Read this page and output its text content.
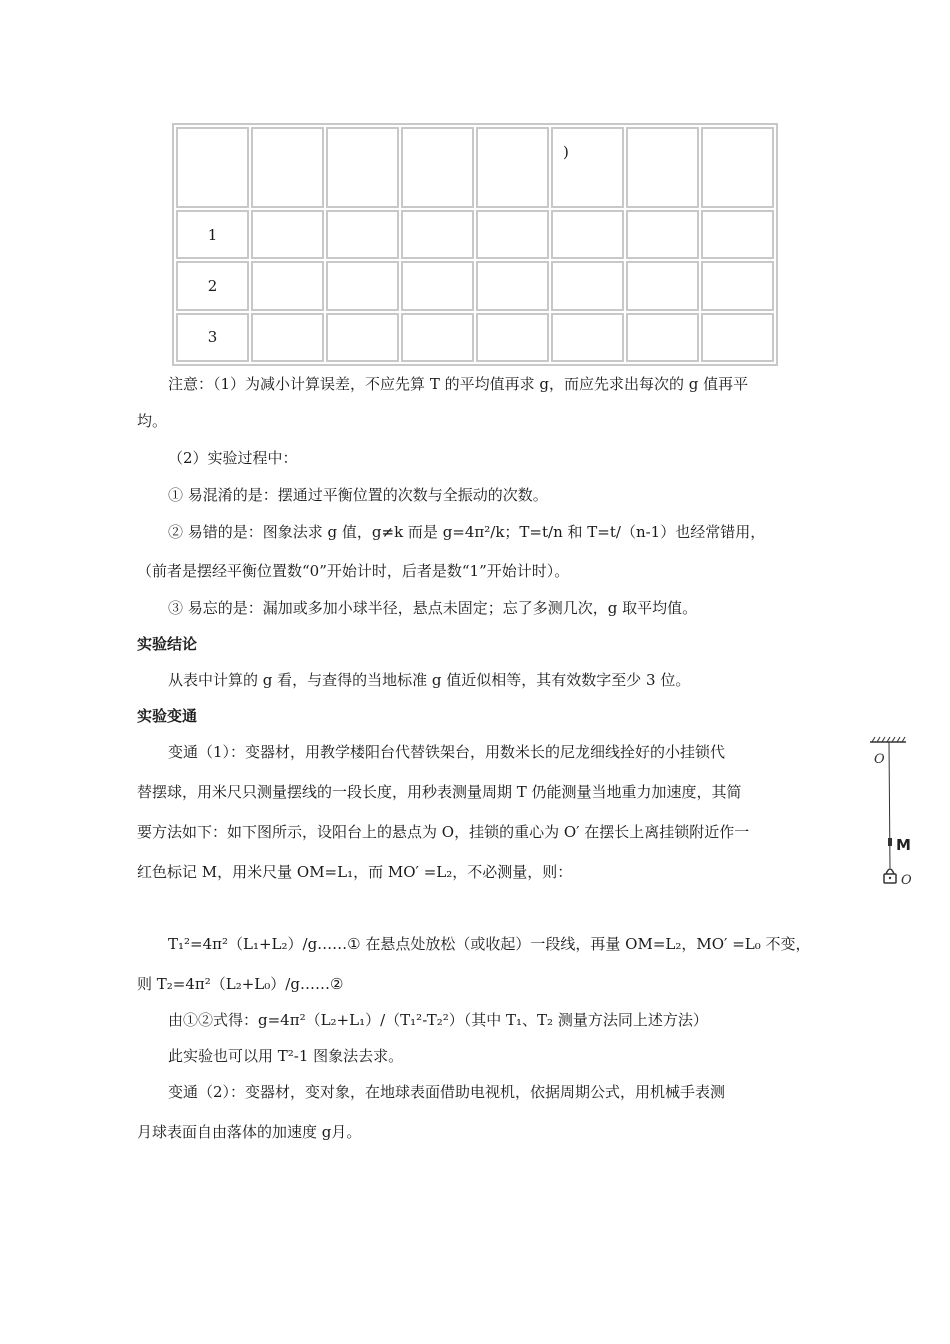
					)		
1							
2							
3							
注意：（1）为减小计算误差，不应先算 T 的平均值再求 g，而应先求出每次的 g 值再平
均。
（2）实验过程中：
① 易混淆的是：摆通过平衡位置的次数与全振动的次数。
② 易错的是：图象法求 g 值，g≠k 而是 g=4π²/k；T=t/n 和 T=t/（n-1）也经常错用，
（前者是摆经平衡位置数“0”开始计时，后者是数“1”开始计时）。
③ 易忘的是：漏加或多加小球半径，悬点未固定；忘了多测几次，g 取平均值。
实验结论
从表中计算的 g 看，与查得的当地标准 g 值近似相等，其有效数字至少 3 位。
实验变通
变通（1）：变器材，用教学楼阳台代替铁架台，用数米长的尼龙细线拴好的小挂锁代
替摆球，用米尺只测量摆线的一段长度，用秒表测量周期 T 仍能测量当地重力加速度，其简
要方法如下：如下图所示，设阳台上的悬点为 O，挂锁的重心为 O′ 在摆长上离挂锁附近作一
红色标记 M，用米尺量 OM=L₁，而 MO′ =L₂，不必测量，则：
T₁²=4π²（L₁+L₂）/g……① 在悬点处放松（或收起）一段线，再量 OM=L₂，MO′ =L₀ 不变，
则 T₂=4π²（L₂+L₀）/g……②
由①②式得：g=4π²（L₂+L₁）/（T₁²-T₂²）（其中 T₁、T₂ 测量方法同上述方法）
此实验也可以用 T²-1 图象法去求。
变通（2）：变器材，变对象，在地球表面借助电视机，依据周期公式，用机械手表测
月球表面自由落体的加速度 g月。
O
M
O
